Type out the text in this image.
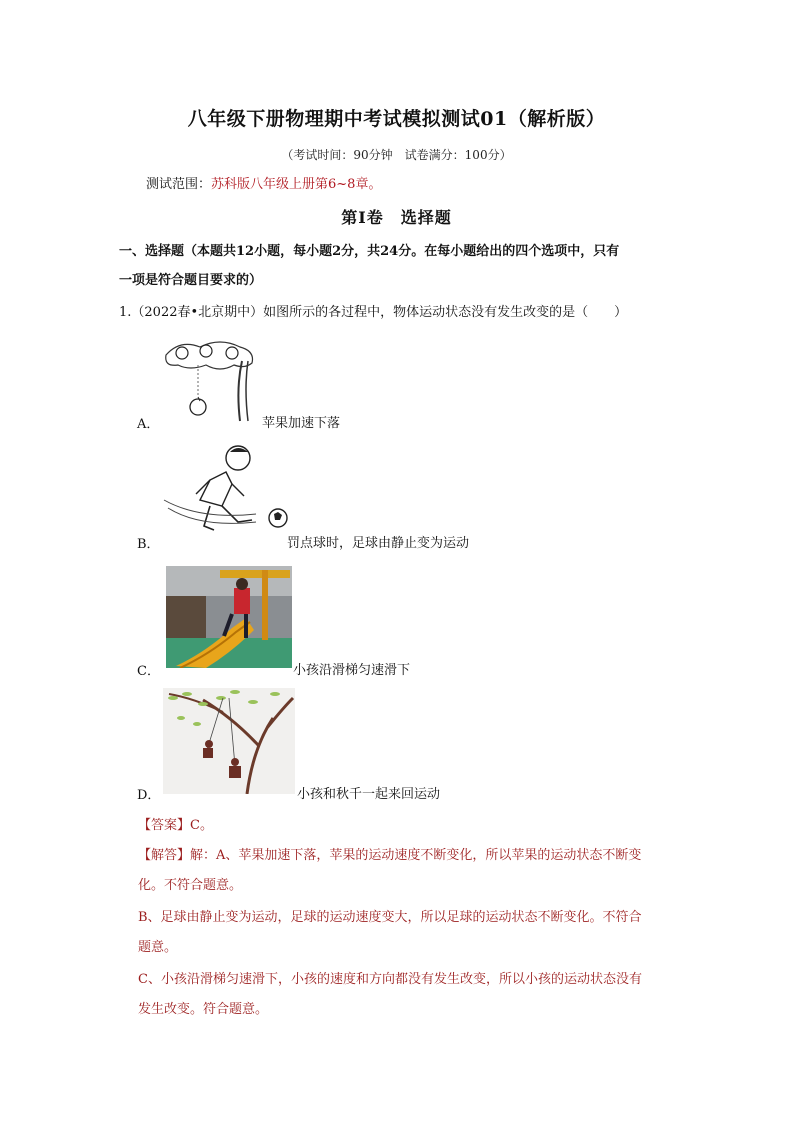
八年级下册物理期中考试模拟测试01（解析版）
（考试时间：90分钟　试卷满分：100分）
测试范围：苏科版八年级上册第6~8章。
第Ⅰ卷　选择题
一、选择题（本题共12小题，每小题2分，共24分。在每小题给出的四个选项中，只有
一项是符合题目要求的）
1.（2022春•北京期中）如图所示的各过程中，物体运动状态没有发生改变的是（　　）
A．	苹果加速下落
B．	罚点球时，足球由静止变为运动
C．	小孩沿滑梯匀速滑下
D．	小孩和秋千一起来回运动
【答案】C。
【解答】解：A、苹果加速下落，苹果的运动速度不断变化，所以苹果的运动状态不断变
化。不符合题意。
B、足球由静止变为运动，足球的运动速度变大，所以足球的运动状态不断变化。不符合
题意。
C、小孩沿滑梯匀速滑下，小孩的速度和方向都没有发生改变，所以小孩的运动状态没有
发生改变。符合题意。
